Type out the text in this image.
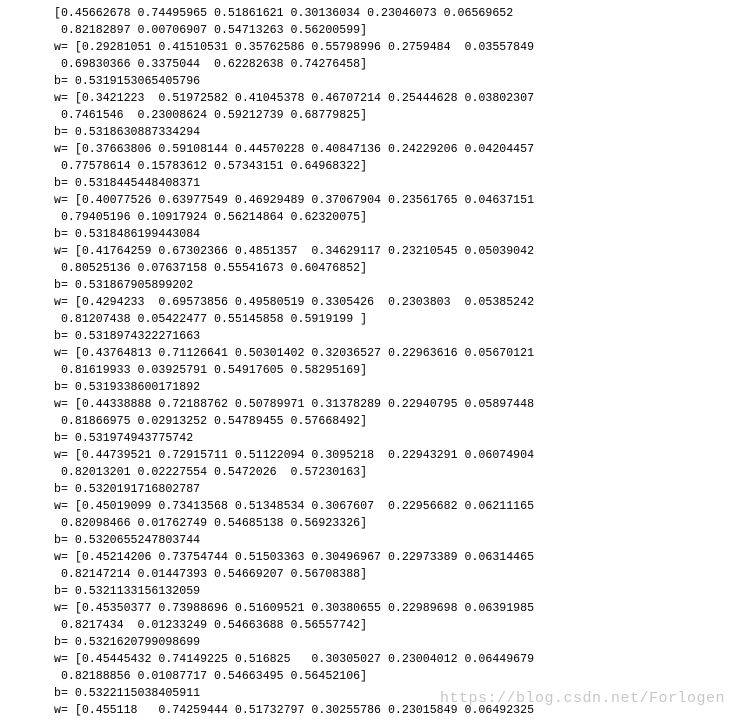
[0.45662678 0.74495965 0.51861621 0.30136034 0.23046073 0.06569652
0.82182897 0.00706907 0.54713263 0.56200599]
w= [0.29281051 0.41510531 0.35762586 0.55798996 0.2759484  0.03557849
0.69830366 0.3375044  0.62282638 0.74276458]
b= 0.5319153065405796
w= [0.3421223  0.51972582 0.41045378 0.46707214 0.25444628 0.03802307
0.7461546  0.23008624 0.59212739 0.68779825]
b= 0.5318630887334294
w= [0.37663806 0.59108144 0.44570228 0.40847136 0.24229206 0.04204457
0.77578614 0.15783612 0.57343151 0.64968322]
b= 0.5318445448408371
w= [0.40077526 0.63977549 0.46929489 0.37067904 0.23561765 0.04637151
0.79405196 0.10917924 0.56214864 0.62320075]
b= 0.5318486199443084
w= [0.41764259 0.67302366 0.4851357  0.34629117 0.23210545 0.05039042
0.80525136 0.07637158 0.55541673 0.60476852]
b= 0.531867905899202
w= [0.4294233  0.69573856 0.49580519 0.3305426  0.2303803  0.05385242
0.81207438 0.05422477 0.55145858 0.5919199 ]
b= 0.5318974322271663
w= [0.43764813 0.71126641 0.50301402 0.32036527 0.22963616 0.05670121
0.81619933 0.03925791 0.54917605 0.58295169]
b= 0.5319338600171892
w= [0.44338888 0.72188762 0.50789971 0.31378289 0.22940795 0.05897448
0.81866975 0.02913252 0.54789455 0.57668492]
b= 0.531974943775742
w= [0.44739521 0.72915711 0.51122094 0.3095218  0.22943291 0.06074904
0.82013201 0.02227554 0.5472026  0.57230163]
b= 0.5320191716802787
w= [0.45019099 0.73413568 0.51348534 0.3067607  0.22956682 0.06211165
0.82098466 0.01762749 0.54685138 0.56923326]
b= 0.5320655247803744
w= [0.45214206 0.73754744 0.51503363 0.30496967 0.22973389 0.06314465
0.82147214 0.01447393 0.54669207 0.56708388]
b= 0.5321133156132059
w= [0.45350377 0.73988696 0.51609521 0.30380655 0.22989698 0.06391985
0.8217434  0.01233249 0.54663688 0.56557742]
b= 0.5321620799098699
w= [0.45445432 0.74149225 0.516825   0.30305027 0.23004012 0.06449679
0.82188856 0.01087717 0.54663495 0.56452106]
b= 0.5322115038405911
w= [0.455118   0.74259444 0.51732797 0.30255786 0.23015849 0.06492325
https://blog.csdn.net/Forlogen
